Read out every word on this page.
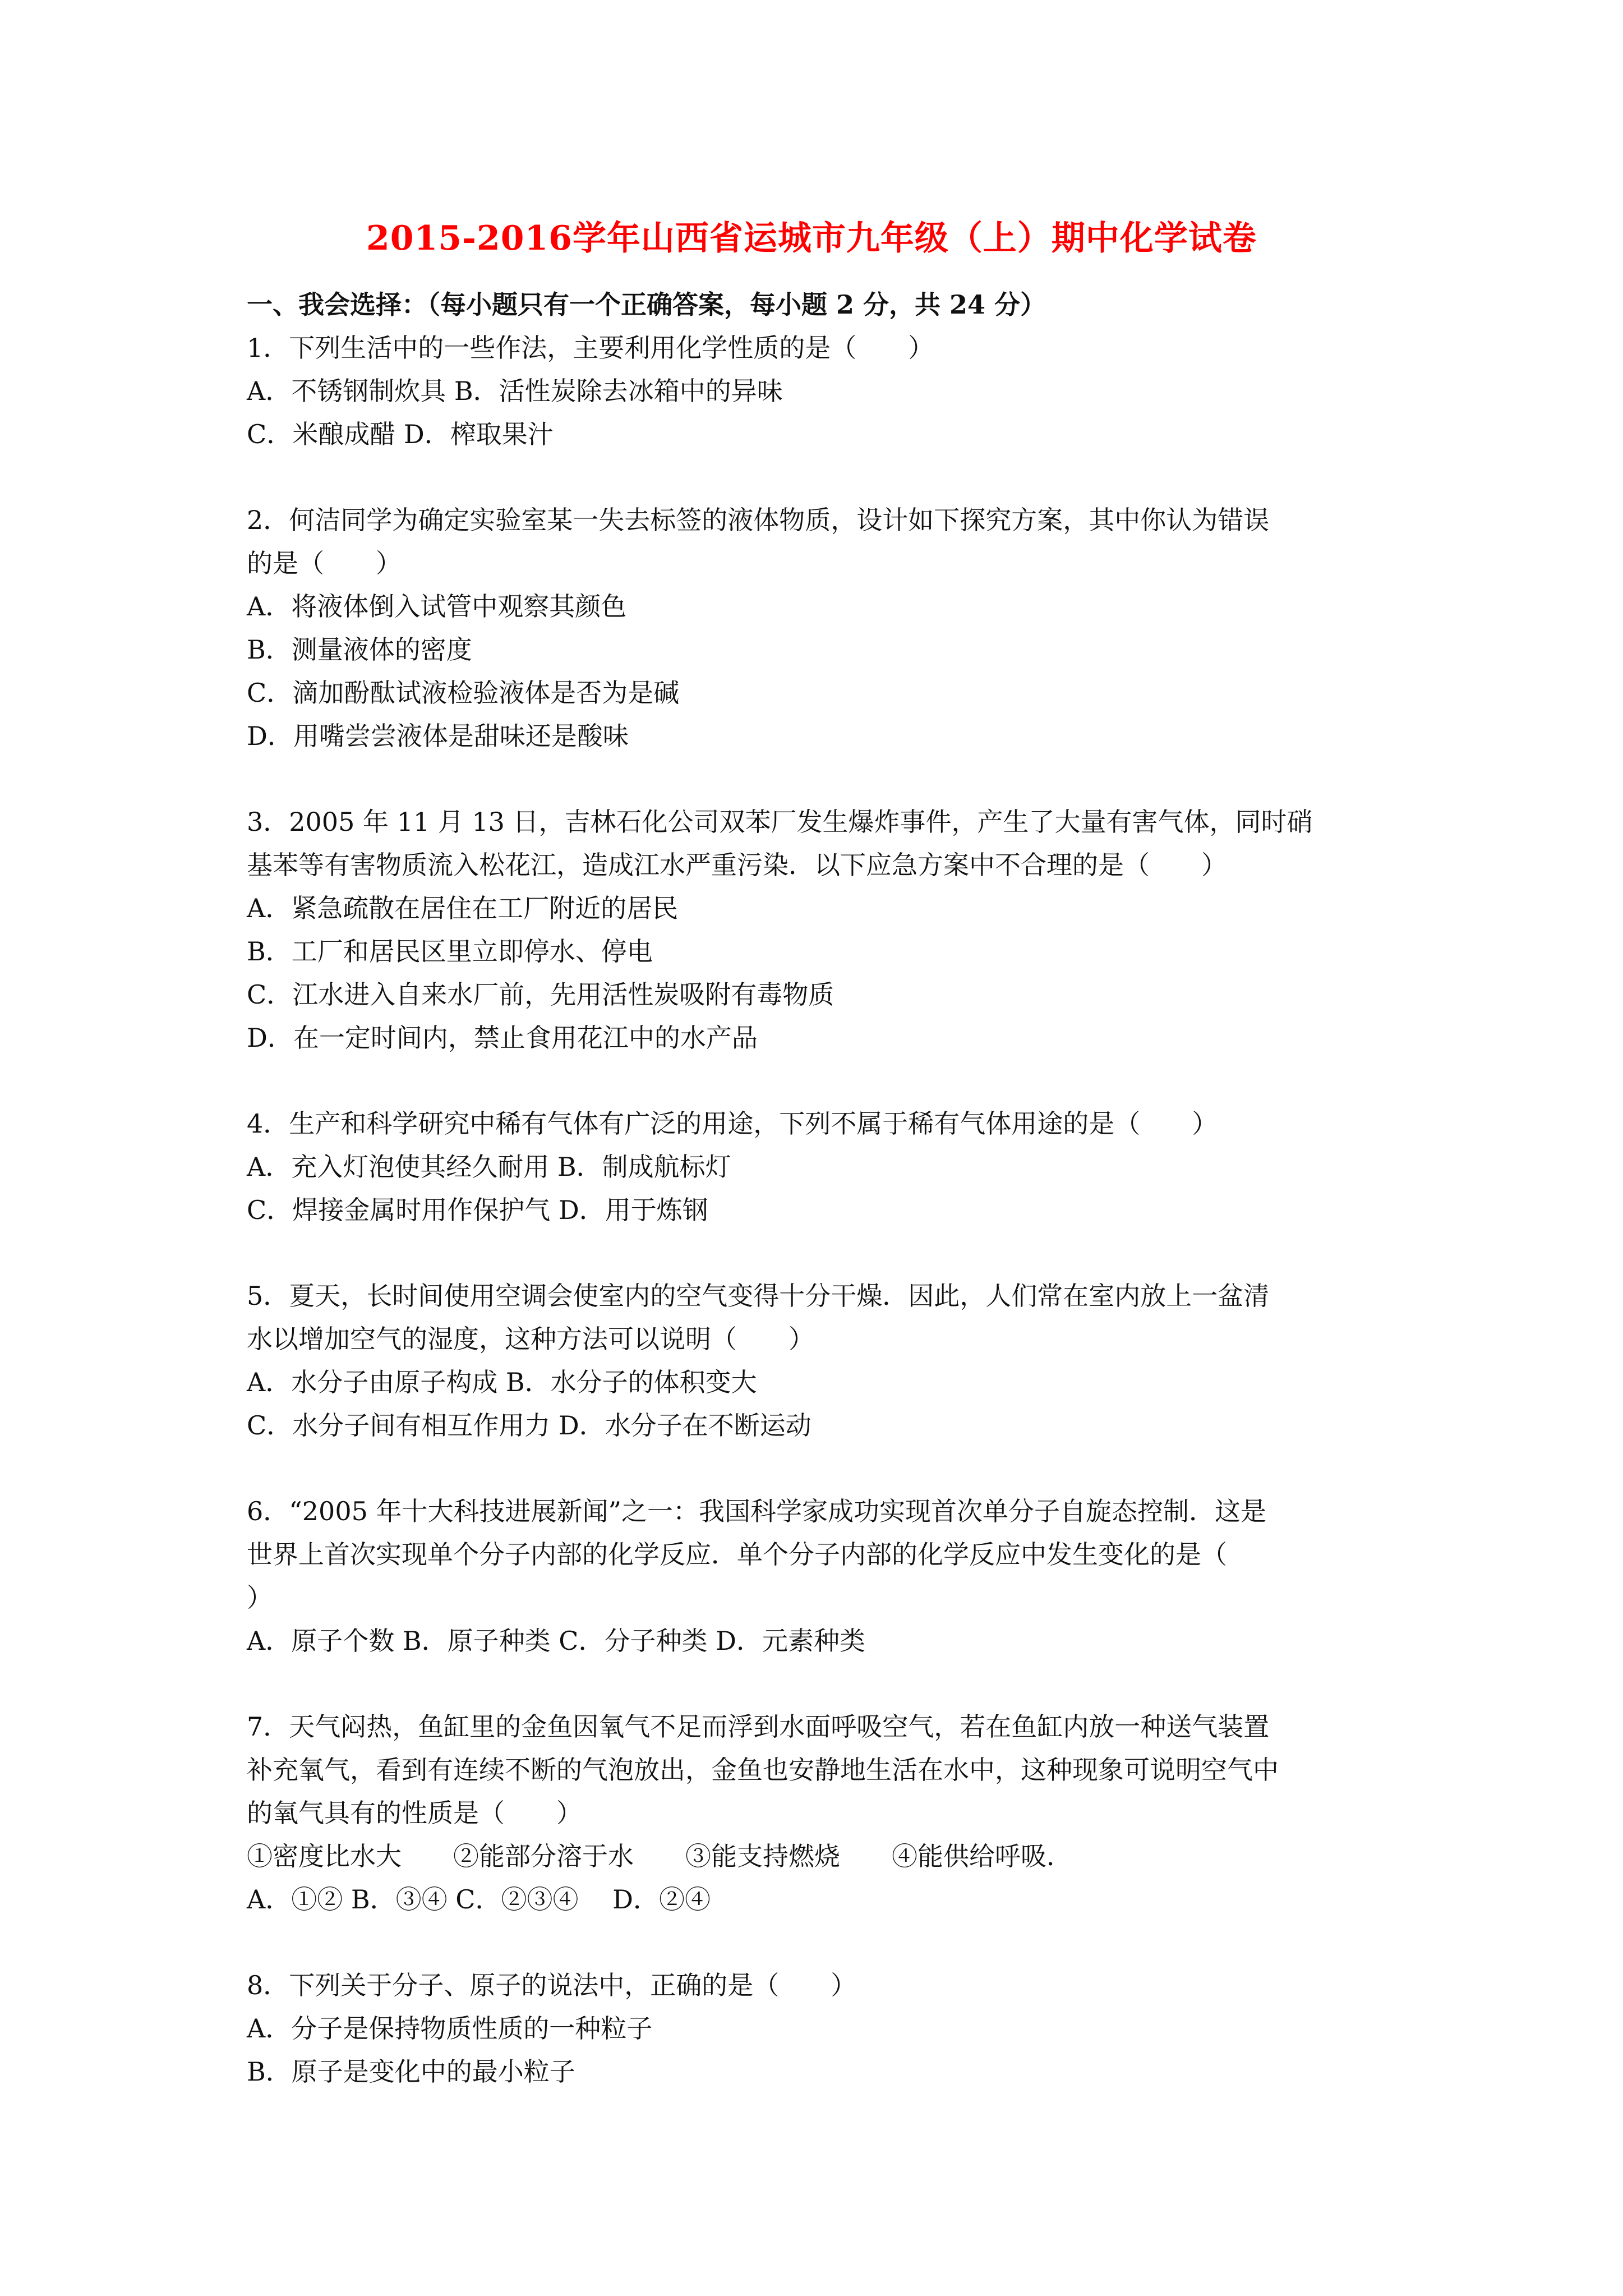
2015-2016学年山西省运城市九年级（上）期中化学试卷
一、我会选择：（每小题只有一个正确答案，每小题 2 分，共 24 分）
1．下列生活中的一些作法，主要利用化学性质的是（　　）
A．不锈钢制炊具 B．活性炭除去冰箱中的异味
C．米酿成醋 D．榨取果汁
2．何洁同学为确定实验室某一失去标签的液体物质，设计如下探究方案，其中你认为错误
的是（　　）
A．将液体倒入试管中观察其颜色
B．测量液体的密度
C．滴加酚酞试液检验液体是否为是碱
D．用嘴尝尝液体是甜味还是酸味
3．2005 年 11 月 13 日，吉林石化公司双苯厂发生爆炸事件，产生了大量有害气体，同时硝
基苯等有害物质流入松花江，造成江水严重污染．以下应急方案中不合理的是（　　）
A．紧急疏散在居住在工厂附近的居民
B．工厂和居民区里立即停水、停电
C．江水进入自来水厂前，先用活性炭吸附有毒物质
D．在一定时间内，禁止食用花江中的水产品
4．生产和科学研究中稀有气体有广泛的用途，下列不属于稀有气体用途的是（　　）
A．充入灯泡使其经久耐用 B．制成航标灯
C．焊接金属时用作保护气 D．用于炼钢
5．夏天，长时间使用空调会使室内的空气变得十分干燥．因此，人们常在室内放上一盆清
水以增加空气的湿度，这种方法可以说明（　　）
A．水分子由原子构成 B．水分子的体积变大
C．水分子间有相互作用力 D．水分子在不断运动
6．“2005 年十大科技进展新闻”之一：我国科学家成功实现首次单分子自旋态控制．这是
世界上首次实现单个分子内部的化学反应．单个分子内部的化学反应中发生变化的是（
）
A．原子个数 B．原子种类 C．分子种类 D．元素种类
7．天气闷热，鱼缸里的金鱼因氧气不足而浮到水面呼吸空气，若在鱼缸内放一种送气装置
补充氧气，看到有连续不断的气泡放出，金鱼也安静地生活在水中，这种现象可说明空气中
的氧气具有的性质是（　　）
①密度比水大　　②能部分溶于水　　③能支持燃烧　　④能供给呼吸．
A．①② B．③④ C．②③④　 D．②④
8．下列关于分子、原子的说法中，正确的是（　　）
A．分子是保持物质性质的一种粒子
B．原子是变化中的最小粒子
